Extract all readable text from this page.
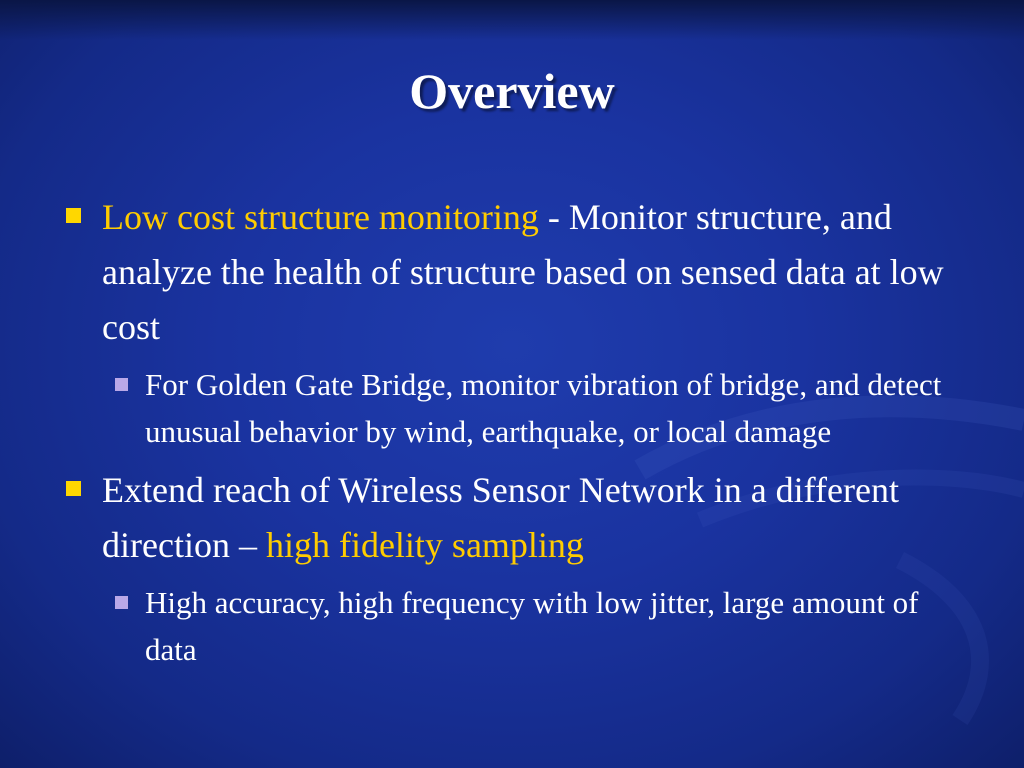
Overview
Low cost structure monitoring - Monitor structure, and analyze the health of structure based on sensed data at low cost
For Golden Gate Bridge, monitor vibration of bridge, and detect unusual behavior by wind, earthquake, or local damage
Extend reach of Wireless Sensor Network in a different direction – high fidelity sampling
High accuracy, high frequency with low jitter, large amount of data
